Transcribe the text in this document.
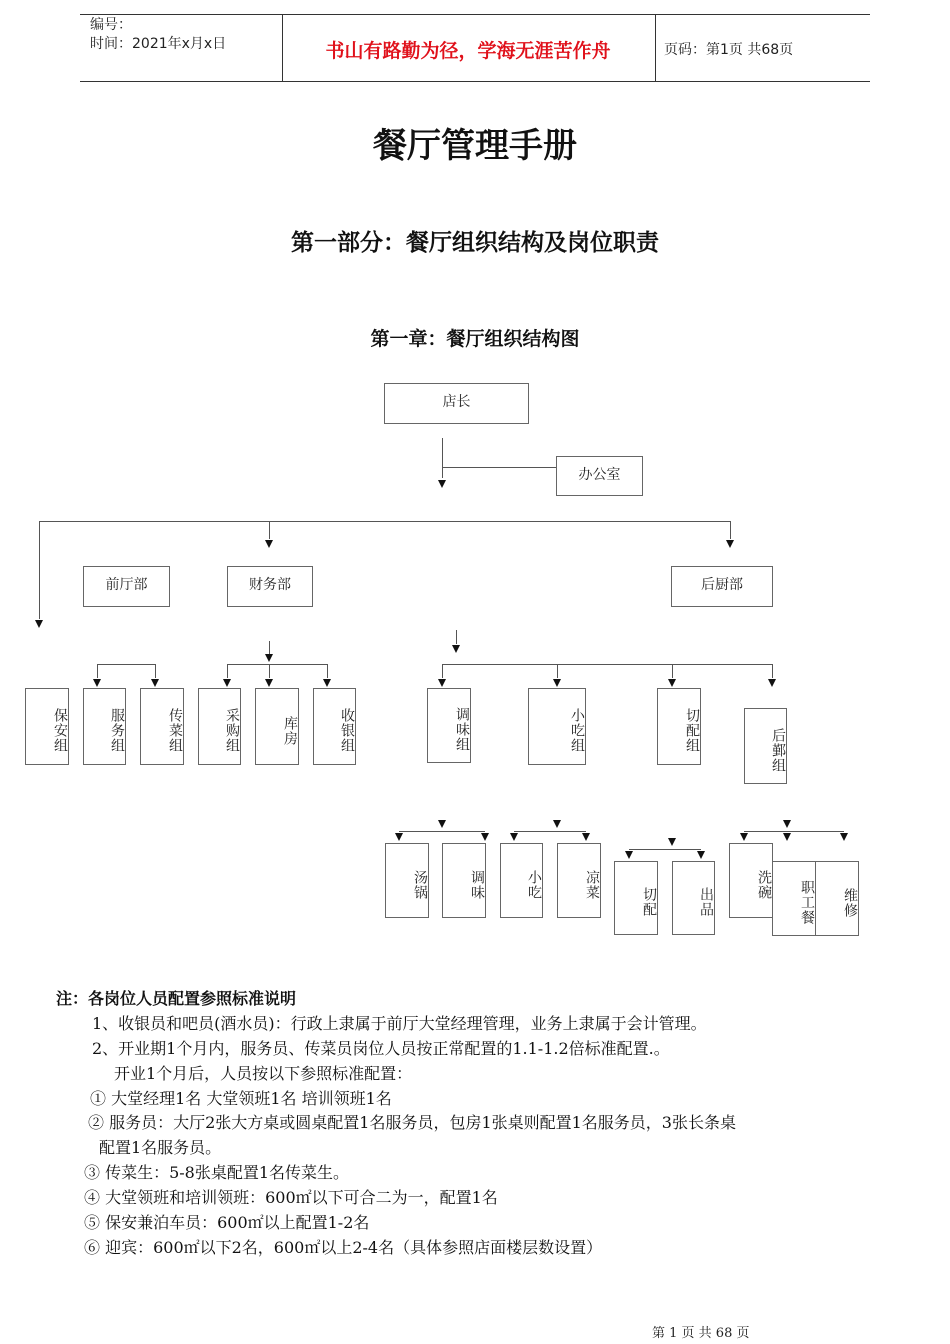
编号：
时间：2021年x月x日	书山有路勤为径，学海无涯苦作舟	页码：第1页 共68页
餐厅管理手册
第一部分：餐厅组织结构及岗位职责
第一章：餐厅组织结构图
店长
办公室
前厅部	财务部	后厨部
保安组	服务组	传菜组	采购组	库房	收银组	调味组	小吃组	切配组	后鄞组
汤锅	调味	小吃	凉菜
切配	出品
洗碗	职工餐	维修
注：各岗位人员配置参照标准说明
1、收银员和吧员(酒水员)：行政上隶属于前厅大堂经理管理，业务上隶属于会计管理。
2、开业期1个月内，服务员、传菜员岗位人员按正常配置的1.1-1.2倍标准配置.。
开业1个月后，人员按以下参照标准配置：
① 大堂经理1名 大堂领班1名 培训领班1名
② 服务员：大厅2张大方桌或圆桌配置1名服务员，包房1张桌则配置1名服务员，3张长条桌
配置1名服务员。
③ 传菜生：5-8张桌配置1名传菜生。
④ 大堂领班和培训领班：600㎡以下可合二为一，配置1名
⑤ 保安兼泊车员：600㎡以上配置1-2名
⑥ 迎宾：600㎡以下2名，600㎡以上2-4名（具体参照店面楼层数设置）
第 1 页 共 68 页
